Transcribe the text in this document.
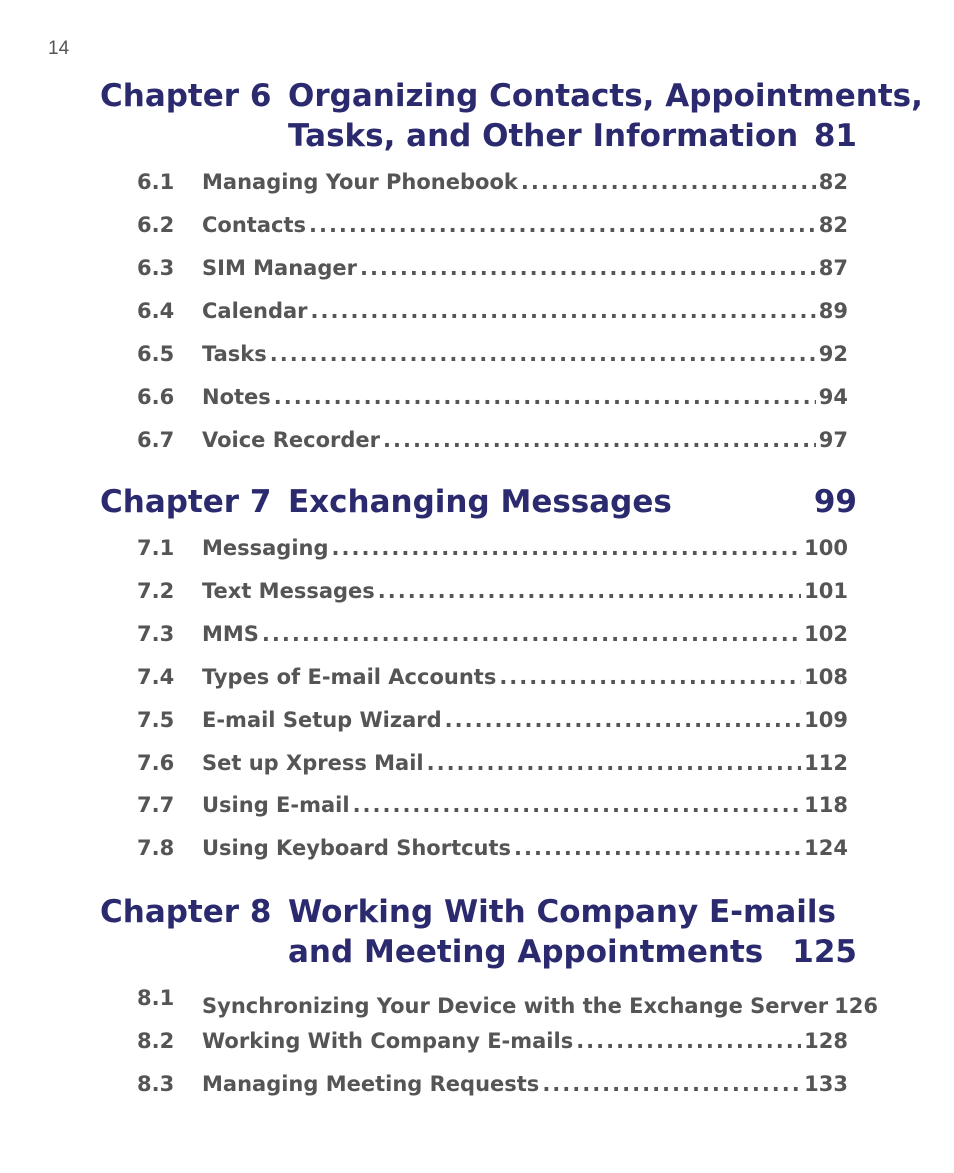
14
Chapter 6 Organizing Contacts, Appointments,
Tasks, and Other Information 81
6.1 Managing Your Phonebook .....	82
6.2 Contacts .....	82
6.3 SIM Manager .....	87
6.4 Calendar .....	89
6.5 Tasks .....	92
6.6 Notes .....	94
6.7 Voice Recorder .....	97
Chapter 7 Exchanging Messages	99
7.1 Messaging .....	100
7.2 Text Messages .....	101
7.3 MMS .....	102
7.4 Types of E-mail Accounts .....	108
7.5 E-mail Setup Wizard .....	109
7.6 Set up Xpress Mail .....	112
7.7 Using E-mail .....	118
7.8 Using Keyboard Shortcuts .....	124
Chapter 8 Working With Company E-mails
and Meeting Appointments 125
8.1 Synchronizing Your Device with the Exchange Server 126
8.2 Working With Company E-mails .....	128
8.3 Managing Meeting Requests .....	133
